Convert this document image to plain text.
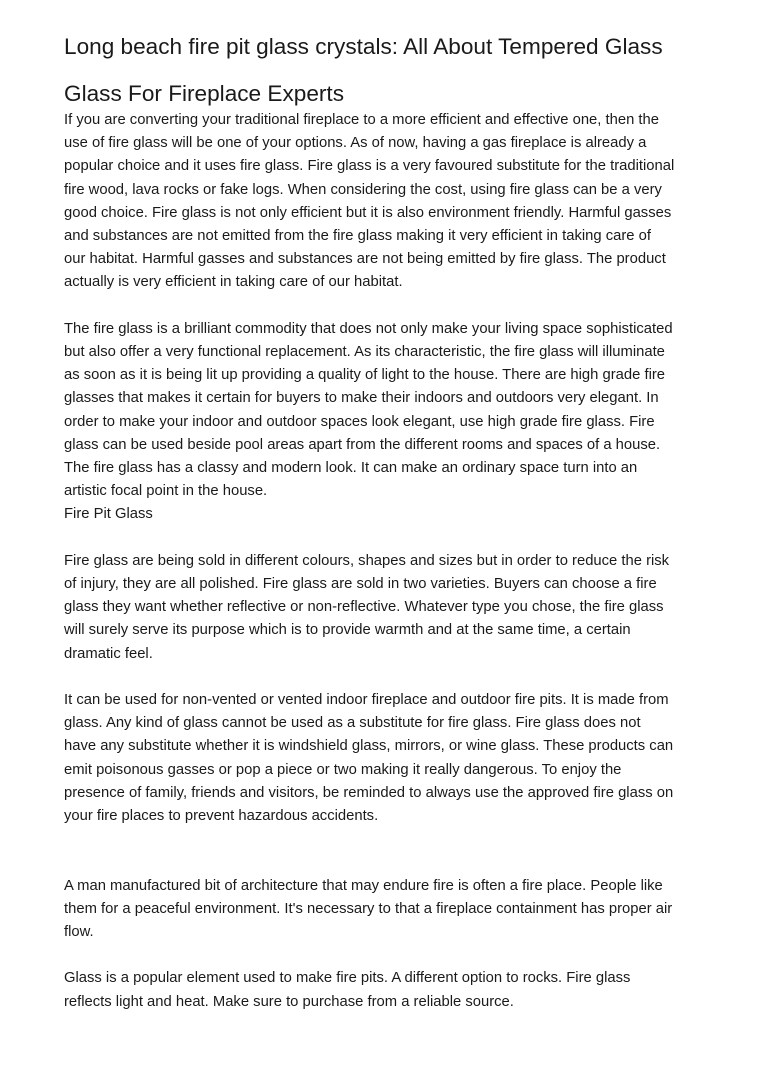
Long beach fire pit glass crystals: All About Tempered Glass
Glass For Fireplace Experts

If you are converting your traditional fireplace to a more efficient and effective one, then the
use of fire glass will be one of your options. As of now, having a gas fireplace is already a
popular choice and it uses fire glass. Fire glass is a very favoured substitute for the traditional
fire wood, lava rocks or fake logs. When considering the cost, using fire glass can be a very
good choice. Fire glass is not only efficient but it is also environment friendly. Harmful gasses
and substances are not emitted from the fire glass making it very efficient in taking care of
our habitat. Harmful gasses and substances are not being emitted by fire glass. The product
actually is very efficient in taking care of our habitat.

The fire glass is a brilliant commodity that does not only make your living space sophisticated
but also offer a very functional replacement. As its characteristic, the fire glass will illuminate
as soon as it is being lit up providing a quality of light to the house. There are high grade fire
glasses that makes it certain for buyers to make their indoors and outdoors very elegant. In
order to make your indoor and outdoor spaces look elegant, use high grade fire glass. Fire
glass can be used beside pool areas apart from the different rooms and spaces of a house.
The fire glass has a classy and modern look. It can make an ordinary space turn into an
artistic focal point in the house.

Fire Pit Glass

Fire glass are being sold in different colours, shapes and sizes but in order to reduce the risk
of injury, they are all polished. Fire glass are sold in two varieties. Buyers can choose a fire
glass they want whether reflective or non-reflective. Whatever type you chose, the fire glass
will surely serve its purpose which is to provide warmth and at the same time, a certain
dramatic feel.

It can be used for non-vented or vented indoor fireplace and outdoor fire pits. It is made from
glass. Any kind of glass cannot be used as a substitute for fire glass. Fire glass does not
have any substitute whether it is windshield glass, mirrors, or wine glass. These products can
emit poisonous gasses or pop a piece or two making it really dangerous. To enjoy the
presence of family, friends and visitors, be reminded to always use the approved fire glass on
your fire places to prevent hazardous accidents.

A man manufactured bit of architecture that may endure fire is often a fire place. People like
them for a peaceful environment. It's necessary to that a fireplace containment has proper air
flow.

Glass is a popular element used to make fire pits. A different option to rocks. Fire glass
reflects light and heat. Make sure to purchase from a reliable source.
